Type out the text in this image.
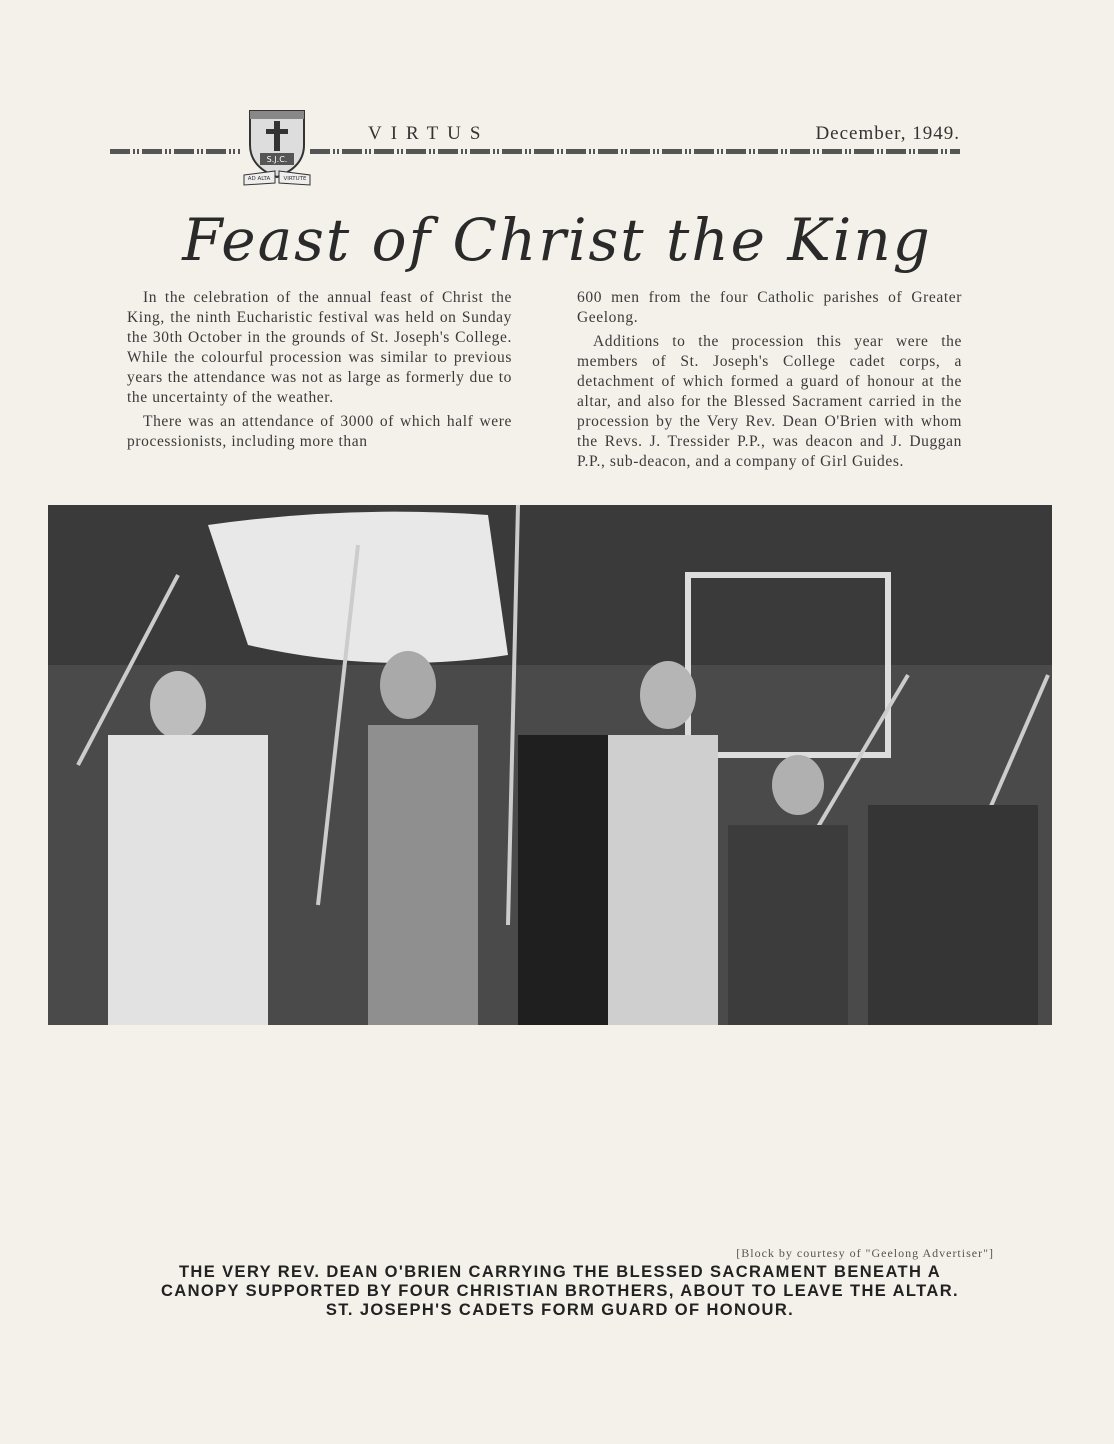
S.J.C.
AD ALTA VIRTUTE
VIRTUS	December, 1949.
Feast of Christ the King

In the celebration of the annual feast of Christ the King, the ninth Eucharistic festival was held on Sunday the 30th October in the grounds of St. Joseph's College. While the colourful procession was similar to previous years the attendance was not as large as formerly due to the uncertainty of the weather.

There was an attendance of 3000 of which half were processionists, including more than

600 men from the four Catholic parishes of Greater Geelong.

Additions to the procession this year were the members of St. Joseph's College cadet corps, a detachment of which formed a guard of honour at the altar, and also for the Blessed Sacrament carried in the procession by the Very Rev. Dean O'Brien with whom the Revs. J. Tressider P.P., was deacon and J. Duggan P.P., sub-deacon, and a company of Girl Guides.

[Block by courtesy of "Geelong Advertiser"]
THE VERY REV. DEAN O'BRIEN CARRYING THE BLESSED SACRAMENT BENEATH A
CANOPY SUPPORTED BY FOUR CHRISTIAN BROTHERS, ABOUT TO LEAVE THE ALTAR.
ST. JOSEPH'S CADETS FORM GUARD OF HONOUR.
